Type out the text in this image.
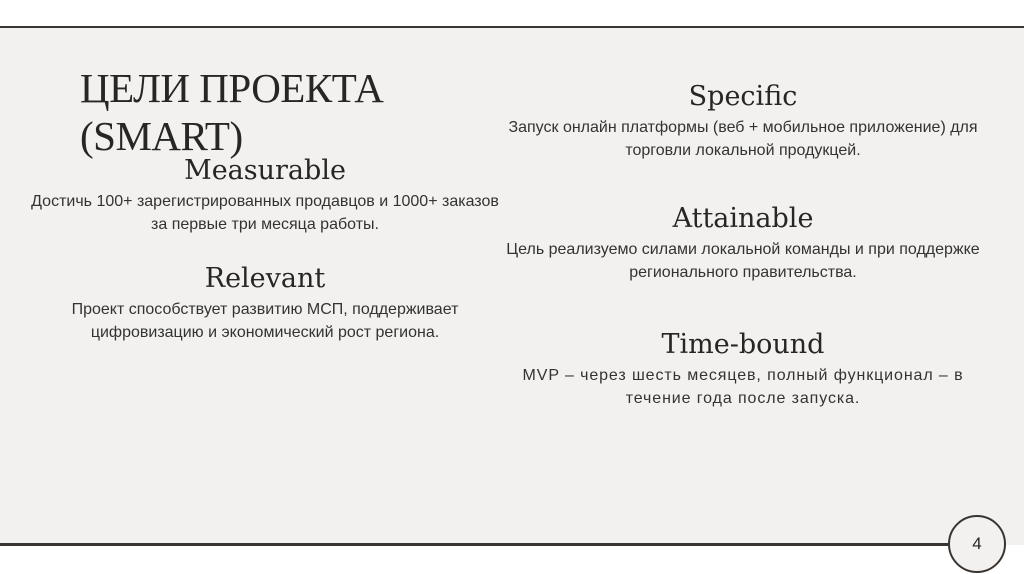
ЦЕЛИ ПРОЕКТА (SMART)
Measurable
Достичь 100+ зарегистрированных продавцов и 1000+ заказов за первые три месяца работы.
Relevant
Проект способствует развитию МСП, поддерживает цифровизацию и экономический рост региона.
Specific
Запуск онлайн платформы (веб + мобильное приложение) для торговли локальной продукцей.
Attainable
Цель реализуемо силами локальной команды и при поддержке регионального правительства.
Time-bound
MVP – через шесть месяцев, полный функционал – в течение года после запуска.
4
